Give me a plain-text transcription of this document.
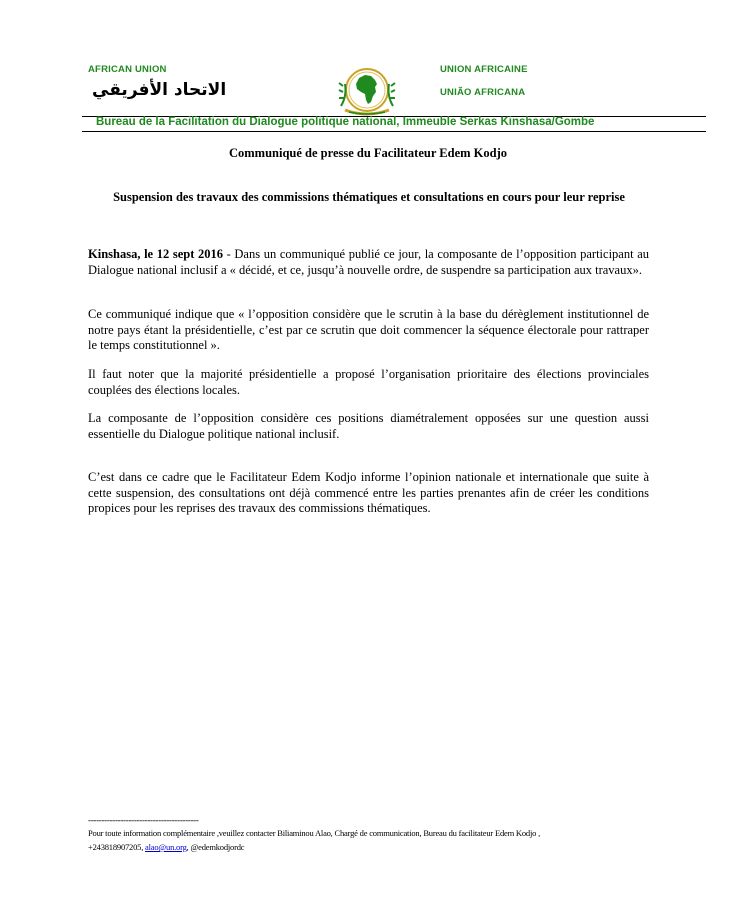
AFRICAN UNION
الاتحاد الأفريقي
UNION AFRICAINE
UNIÃO AFRICANA
Bureau de la Facilitation du Dialogue politique national, Immeuble Serkas Kinshasa/Gombe
Communiqué de presse du Facilitateur Edem Kodjo
Suspension des travaux des commissions thématiques et consultations en cours pour leur reprise
Kinshasa, le 12 sept 2016 - Dans un communiqué publié ce jour, la composante de l’opposition participant au Dialogue national inclusif a « décidé, et ce, jusqu’à nouvelle ordre, de suspendre sa participation aux travaux».
Ce communiqué indique que « l’opposition considère que le scrutin à la base du dérèglement institutionnel de notre pays étant la présidentielle, c’est par ce scrutin que doit commencer la séquence électorale pour rattraper le temps constitutionnel ».
Il faut noter que la majorité présidentielle a proposé l’organisation prioritaire des élections provinciales couplées des élections locales.
La composante de l’opposition considère ces positions diamétralement opposées sur une question aussi essentielle du Dialogue politique national inclusif.
C’est dans ce cadre que le Facilitateur Edem Kodjo informe l’opinion nationale et internationale que suite à cette suspension, des consultations ont déjà commencé entre les parties prenantes afin de créer les conditions propices pour les reprises des travaux des commissions thématiques.
-----------------------------------------
Pour toute information complémentaire ,veuillez contacter Biliaminou Alao, Chargé de communication, Bureau du facilitateur Edem Kodjo ,
+243818907205, alao@un.org, @edemkodjordc
